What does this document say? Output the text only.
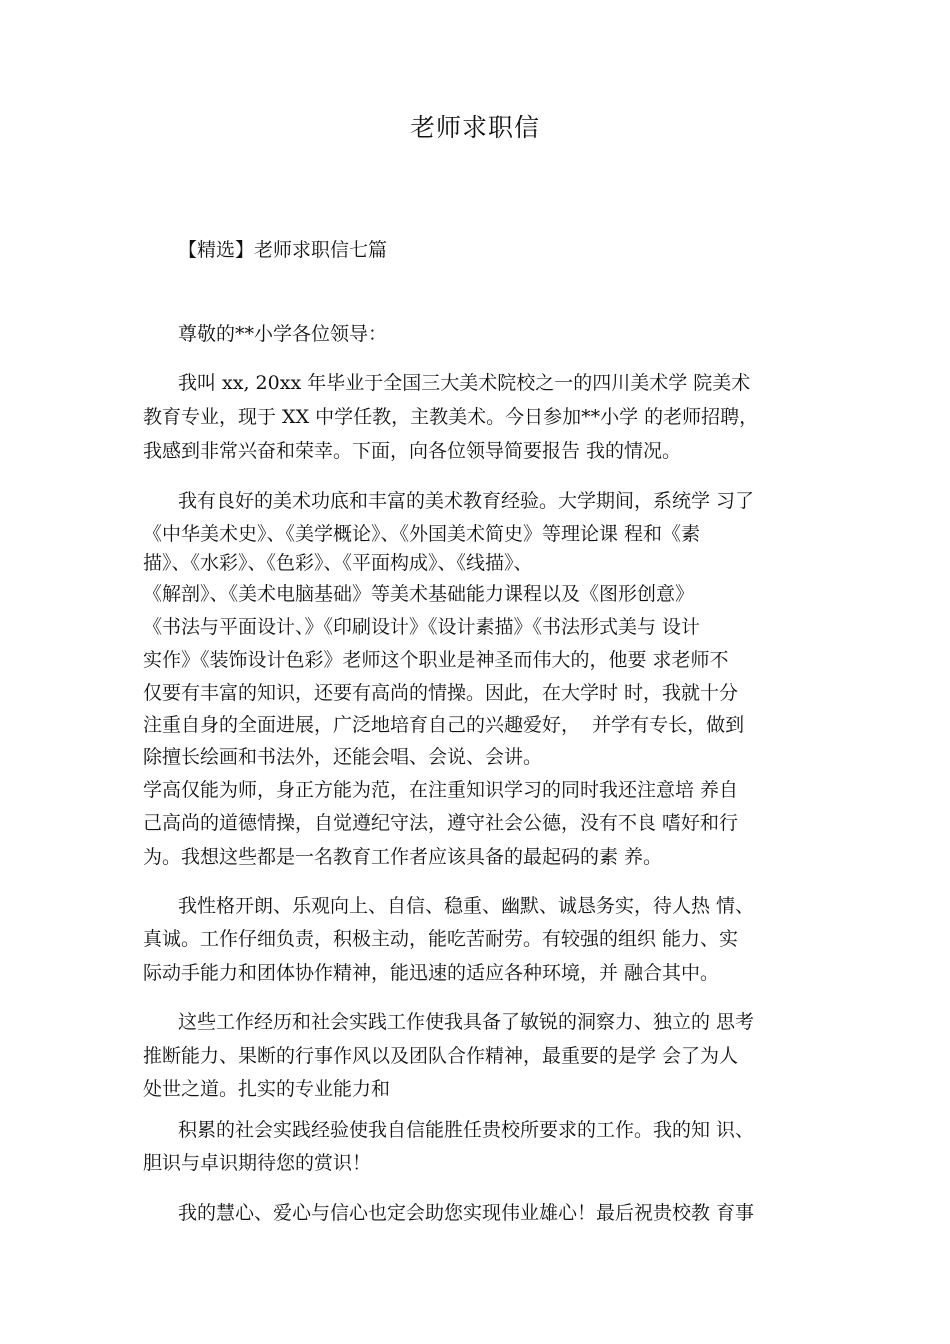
老师求职信
【精选】老师求职信七篇
尊敬的**小学各位领导：
我叫 xx, 20xx 年毕业于全国三大美术院校之一的四川美术学 院美术
教育专业，现于 XX 中学任教，主教美术。今日参加**小学 的老师招聘，
我感到非常兴奋和荣幸。下面，向各位领导简要报告 我的情况。
我有良好的美术功底和丰富的美术教育经验。大学期间，系统学 习了
《中华美术史》、《美学概论》、《外国美术简史》等理论课 程和《素
描》、《水彩》、《色彩》、《平面构成》、《线描》、
《解剖》、《美术电脑基础》等美术基础能力课程以及《图形创意》
《书法与平面设计、》《印刷设计》《设计素描》《书法形式美与 设计
实作》《装饰设计色彩》老师这个职业是神圣而伟大的，他要 求老师不
仅要有丰富的知识，还要有高尚的情操。因此，在大学时 时，我就十分
注重自身的全面进展，广泛地培育自己的兴趣爱好，  并学有专长，做到
除擅长绘画和书法外，还能会唱、会说、会讲。
学高仅能为师，身正方能为范，在注重知识学习的同时我还注意培 养自
己高尚的道德情操，自觉遵纪守法，遵守社会公德，没有不良 嗜好和行
为。我想这些都是一名教育工作者应该具备的最起码的素 养。
我性格开朗、乐观向上、自信、稳重、幽默、诚恳务实，待人热 情、
真诚。工作仔细负责，积极主动，能吃苦耐劳。有较强的组织 能力、实
际动手能力和团体协作精神，能迅速的适应各种环境，并 融合其中。
这些工作经历和社会实践工作使我具备了敏锐的洞察力、独立的 思考
推断能力、果断的行事作风以及团队合作精神，最重要的是学 会了为人
处世之道。扎实的专业能力和
积累的社会实践经验使我自信能胜任贵校所要求的工作。我的知 识、
胆识与卓识期待您的赏识！
我的慧心、爱心与信心也定会助您实现伟业雄心！最后祝贵校教 育事
